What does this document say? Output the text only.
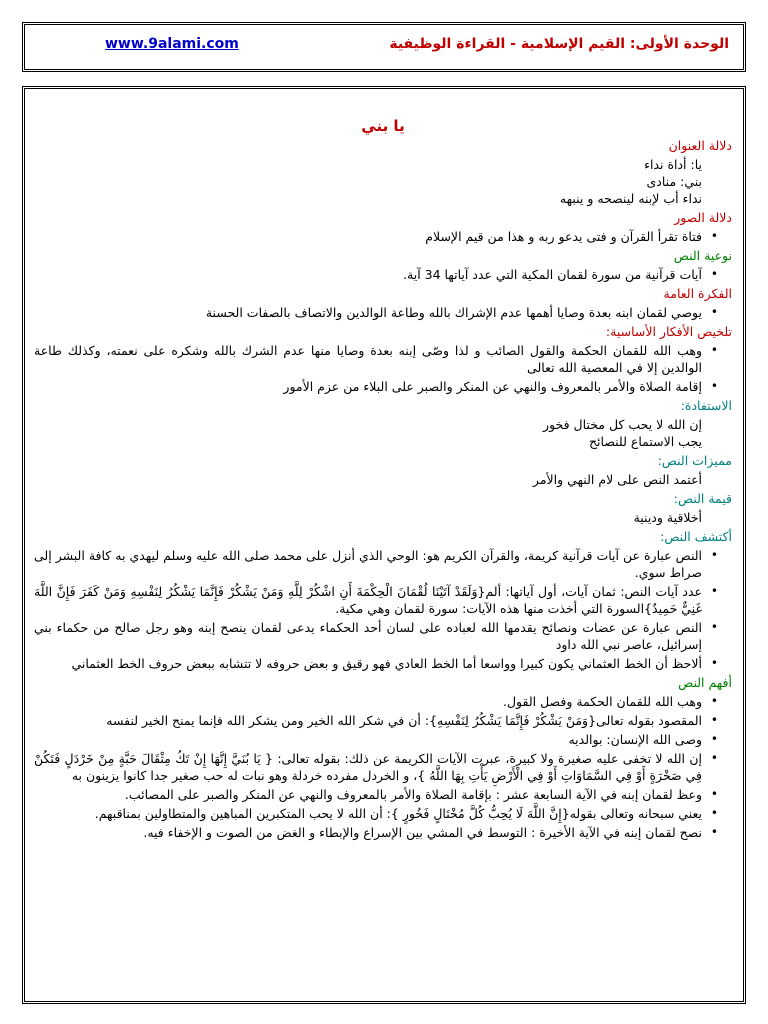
الوحدة الأولى: القيم الإسلامية - القراءة الوظيفية
www.9alami.com
يا بني
دلالة العنوان
يا: أداة نداء
بني: منادى
نداء أب لإبنه لينصحه و ينبهه
دلالة الصور
• فتاة تقرأ القرآن و فتى يدعو ربه و هذا من قيم الإسلام
نوعية النص
• آيات قرآنية من سورة لقمان المكية التي عدد آياتها 34 آية.
الفكرة العامة
• يوصي لقمان ابنه بعدة وصايا أهمها عدم الإشراك بالله وطاعة الوالدين والاتصاف بالصفات الحسنة
تلخيص الأفكار الأساسية:
• وهب الله للقمان الحكمة والقول الصائب و لذا وصّى إبنه بعدة وصايا منها عدم الشرك بالله وشكره على نعمته، وكذلك طاعة الوالدين إلا في المعصية الله تعالى
• إقامة الصلاة والأمر بالمعروف والنهي عن المنكر والصبر على البلاء من عزم الأمور
الاستفادة:
إن الله لا يحب كل مختال فخور
يجب الاستماع للنصائح
مميزات النص:
أعتمد النص على لام النهي والأمر
قيمة النص:
أخلاقية ودينية
أكتشف النص:
• النص عبارة عن آيات قرآنية كريمة، والقرآن الكريم هو: الوحي الذي أنزل على محمد صلى الله عليه وسلم ليهدي به كافة البشر إلى صراط سوي.
• عدد آيات النص: ثمان آيات، أول آياتها: ألم{وَلَقَدْ آتَيْنَا لُقْمَانَ الْحِكْمَةَ أَنِ اشْكُرْ لِلَّهِ وَمَنْ يَشْكُرْ فَإِنَّمَا يَشْكُرُ لِنَفْسِهِ وَمَنْ كَفَرَ فَإِنَّ اللَّهَ غَنِيٌّ حَمِيدٌ}السورة التي أخذت منها هذه الآيات: سورة لقمان وهي مكية.
• النص عبارة عن عضات ونصائح يقدمها الله لعباده على لسان أحد الحكماء يدعى لقمان ينصح إبنه وهو رجل صالح من حكماء بني إسرائيل، عاصر نبي الله داود
• ألاحظ أن الخط العثماني يكون كبيرا وواسعا أما الخط العادي فهو رقيق و بعض حروفه لا تتشابه ببعض حروف الخط العثماني
أفهم النص
• وهب الله للقمان الحكمة وفصل القول.
• المقصود بقوله تعالى{وَمَنْ يَشْكُرْ فَإِنَّمَا يَشْكُرُ لِنَفْسِهِ}: أن في شكر الله الخير ومن يشكر الله فإنما يمنح الخير لنفسه
• وصى الله الإنسان: بوالديه
• إن الله لا تخفى عليه صغيرة ولا كبيرة، عبرت الآيات الكريمة عن ذلك: بقوله تعالى: { يَا بُنَيَّ إِنَّهَا إِنْ تَكُ مِثْقَالَ حَبَّةٍ مِنْ خَرْدَلٍ فَتَكُنْ فِي صَخْرَةٍ أَوْ فِي السَّمَاوَاتِ أَوْ فِي الْأَرْضِ يَأْتِ بِهَا اللَّهُ }، و الخردل مفرده خردلة وهو نبات له حب صغير جدا كانوا يزينون به
• وعظ لقمان إبنه في الآية السابعة عشر : بإقامة الصلاة والأمر بالمعروف والنهي عن المنكر والصبر على المصائب.
• يعني سبحانه وتعالى بقوله{إِنَّ اللَّهَ لَا يُحِبُّ كُلَّ مُخْتَالٍ فَخُورٍ }: أن الله لا يحب المتكبرين المباهين والمتطاولين بمناقبهم.
• نصح لقمان إبنه في الآية الأخيرة : التوسط في المشي بين الإسراع والإبطاء و الغض من الصوت و الإخفاء فيه.
